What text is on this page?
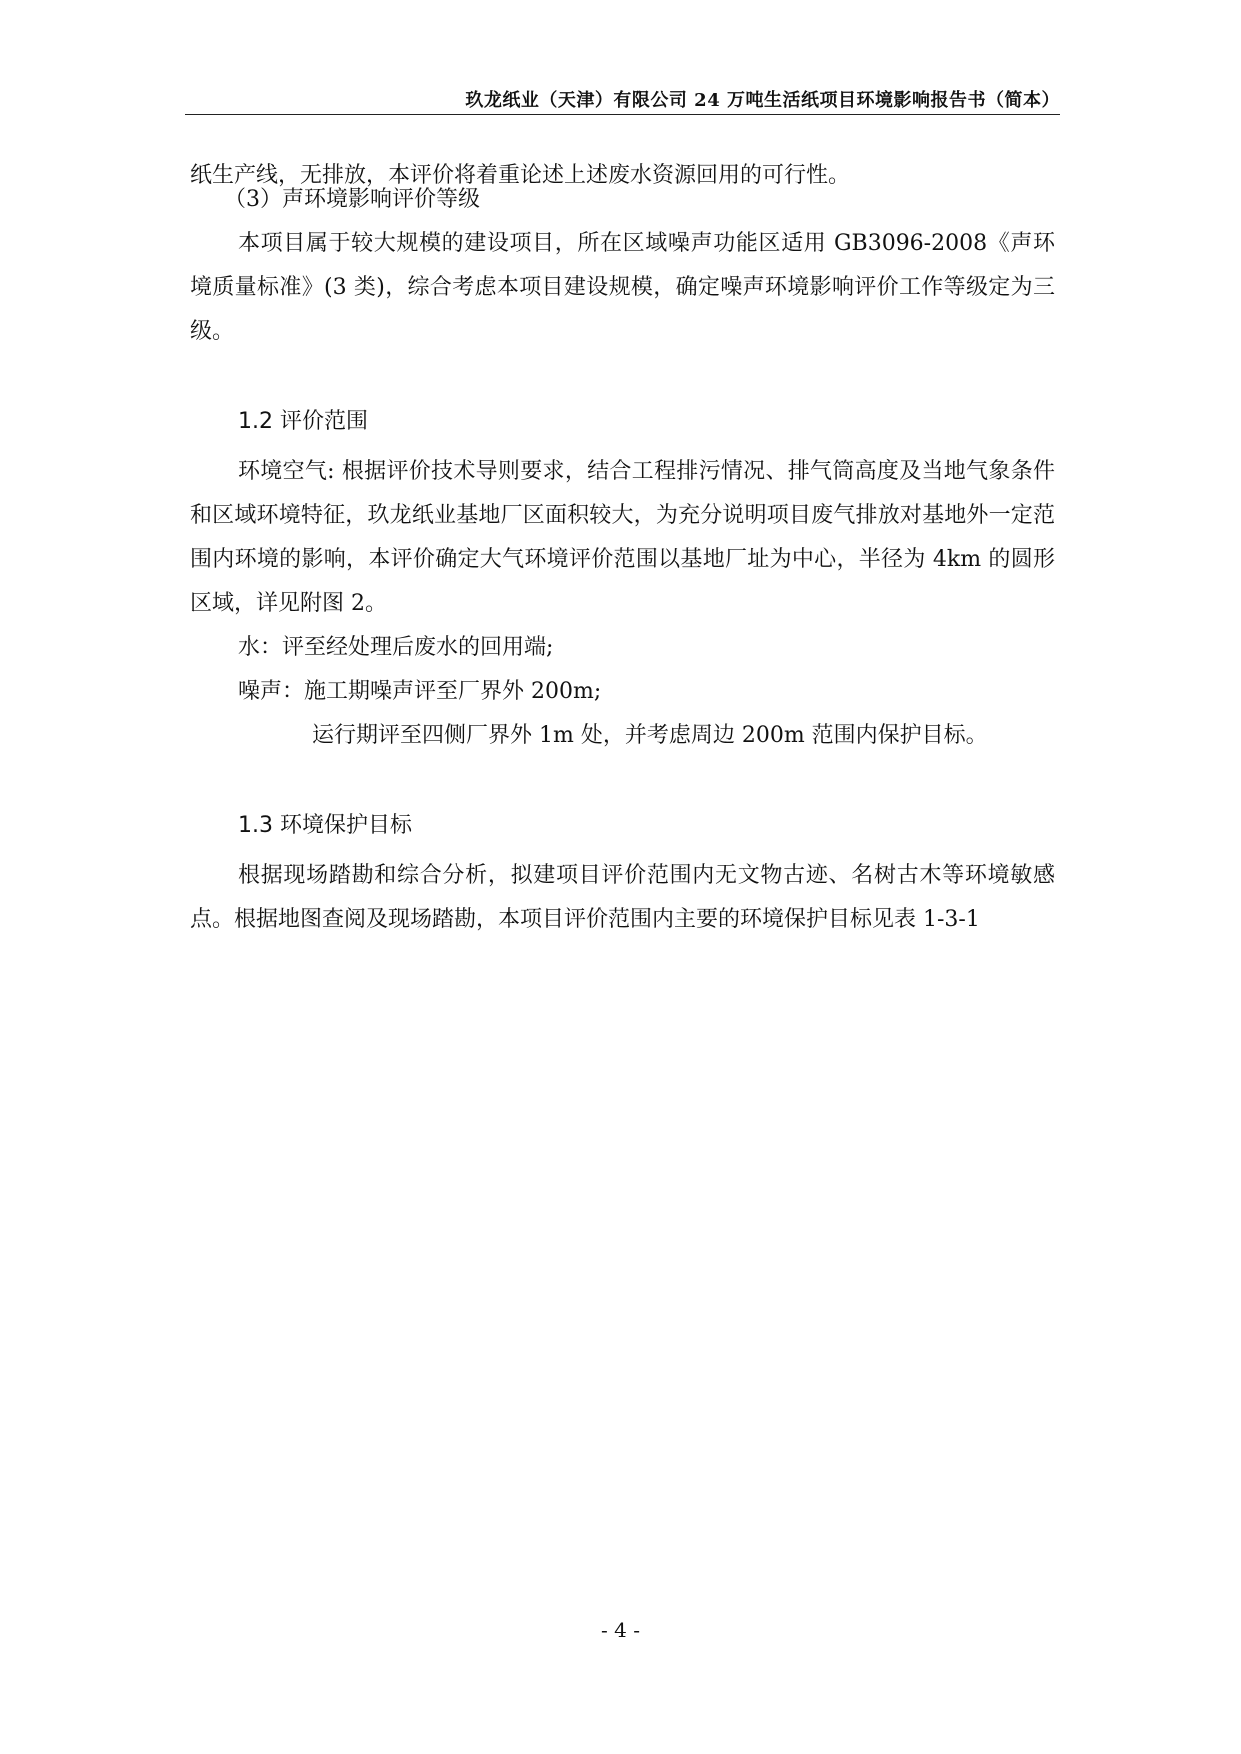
玖龙纸业（天津）有限公司 24 万吨生活纸项目环境影响报告书（简本）

纸生产线，无排放，本评价将着重论述上述废水资源回用的可行性。

（3）声环境影响评价等级

本项目属于较大规模的建设项目，所在区域噪声功能区适用 GB3096-2008《声环境质量标准》(3 类)，综合考虑本项目建设规模，确定噪声环境影响评价工作等级定为三级。

1.2 评价范围

环境空气: 根据评价技术导则要求，结合工程排污情况、排气筒高度及当地气象条件和区域环境特征，玖龙纸业基地厂区面积较大，为充分说明项目废气排放对基地外一定范围内环境的影响，本评价确定大气环境评价范围以基地厂址为中心，半径为 4km 的圆形区域，详见附图 2。

水：评至经处理后废水的回用端;

噪声：施工期噪声评至厂界外 200m;

运行期评至四侧厂界外 1m 处，并考虑周边 200m 范围内保护目标。

1.3 环境保护目标

根据现场踏勘和综合分析，拟建项目评价范围内无文物古迹、名树古木等环境敏感点。根据地图查阅及现场踏勘，本项目评价范围内主要的环境保护目标见表 1-3-1

- 4 -
